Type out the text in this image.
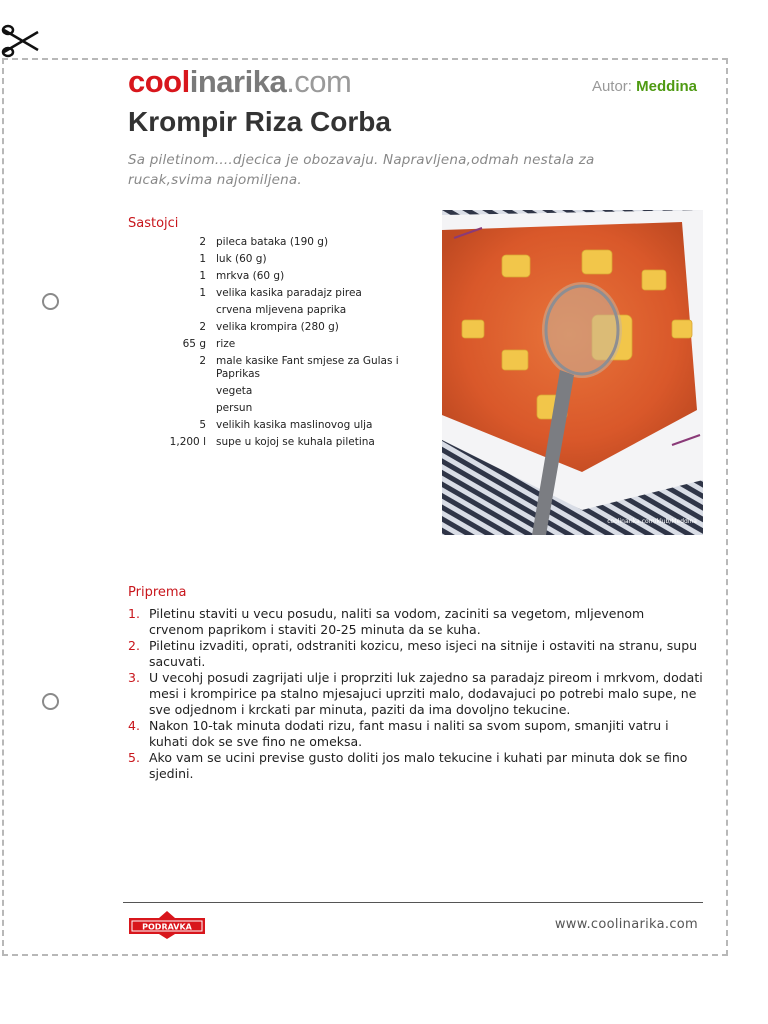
coolinarika.com	Autor: Meddina
Krompir Riza Corba
Sa piletinom....djecica je obozavaju. Napravljena,odmah nestala za rucak,svima najomiljena.
Sastojci
2 pileca bataka (190 g)
1 luk (60 g)
1 mrkva (60 g)
1 velika kasika paradajz pirea
crvena mljevena paprika
2 velika krompira (280 g)
65 g rize
2 male kasike Fant smjese za Gulas i Paprikas
vegeta
persun
5 velikih kasika maslinovog ulja
1,200 l supe u kojoj se kuhala piletina
coolinarika.com/klub/Meddina
Priprema
1. Piletinu staviti u vecu posudu, naliti sa vodom, zaciniti sa vegetom, mljevenom crvenom paprikom i staviti 20-25 minuta da se kuha.
2. Piletinu izvaditi, oprati, odstraniti kozicu, meso isjeci na sitnije i ostaviti na stranu, supu sacuvati.
3. U vecohj posudi zagrijati ulje i proprziti luk zajedno sa paradajz pireom i mrkvom, dodati mesi i krompirice pa stalno mjesajuci uprziti malo, dodavajuci po potrebi malo supe, ne sve odjednom i krckati par minuta, paziti da ima dovoljno tekucine.
4. Nakon 10-tak minuta dodati rizu, fant masu i naliti sa svom supom, smanjiti vatru i kuhati dok se sve fino ne omeksa.
5. Ako vam se ucini previse gusto doliti jos malo tekucine i kuhati par minuta dok se fino sjedini.
PODRAVKA	www.coolinarika.com
